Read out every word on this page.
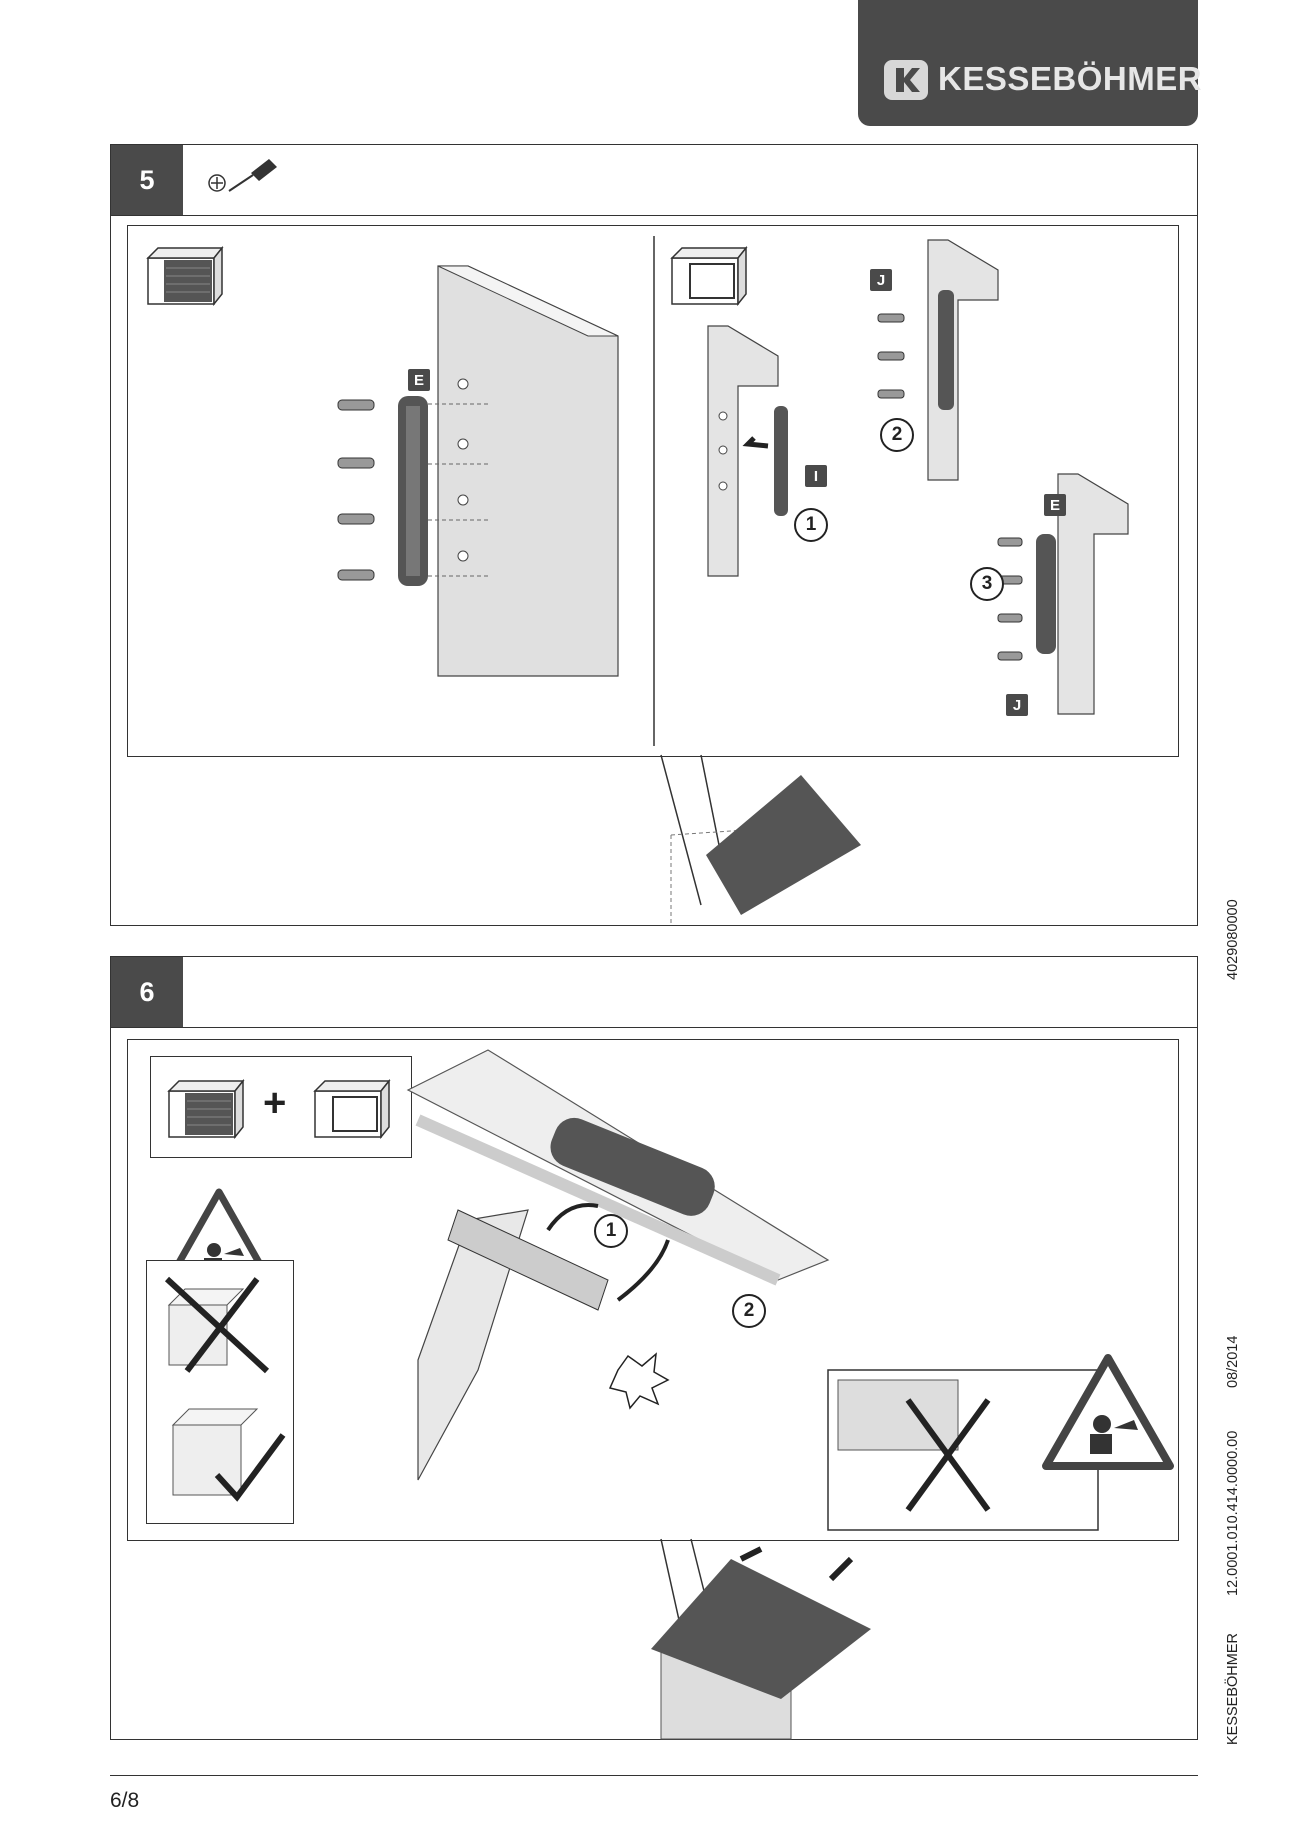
KESSEBÖHMER
5
E
I
1
J
2
E
3
J
4029080000
08/2014
12.0001.010.414.0000.00
KESSEBÖHMER
6
+
1
2
6/8
